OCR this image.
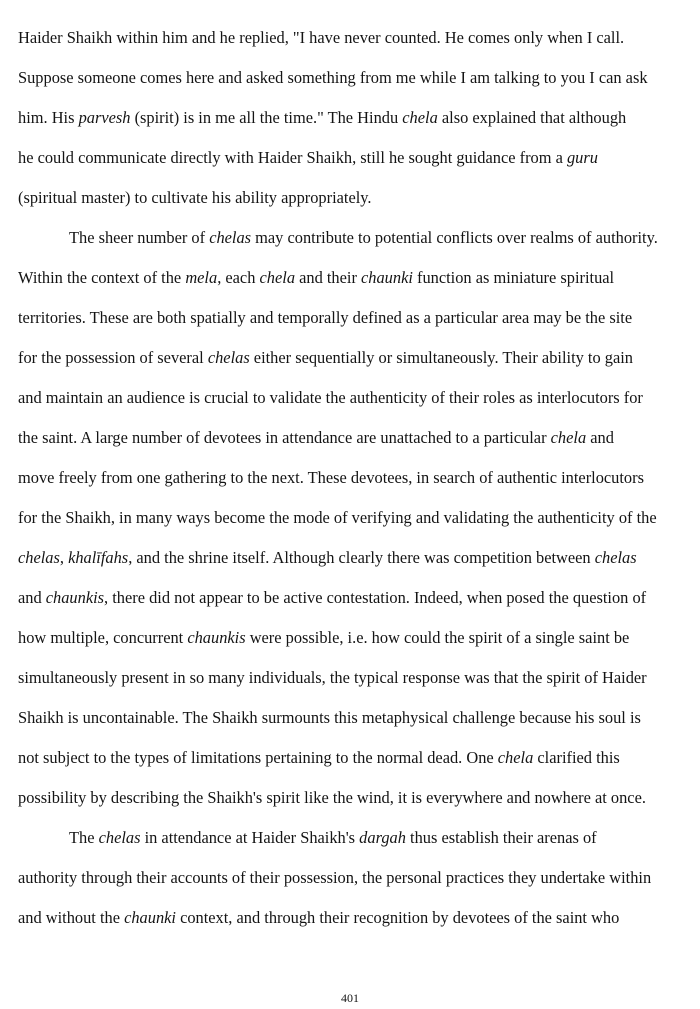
Haider Shaikh within him and he replied, "I have never counted. He comes only when I call.
Suppose someone comes here and asked something from me while I am talking to you I can ask
him. His parvesh (spirit) is in me all the time." The Hindu chela also explained that although
he could communicate directly with Haider Shaikh, still he sought guidance from a guru
(spiritual master) to cultivate his ability appropriately.
The sheer number of chelas may contribute to potential conflicts over realms of authority.
Within the context of the mela, each chela and their chaunki function as miniature spiritual
territories. These are both spatially and temporally defined as a particular area may be the site
for the possession of several chelas either sequentially or simultaneously. Their ability to gain
and maintain an audience is crucial to validate the authenticity of their roles as interlocutors for
the saint. A large number of devotees in attendance are unattached to a particular chela and
move freely from one gathering to the next. These devotees, in search of authentic interlocutors
for the Shaikh, in many ways become the mode of verifying and validating the authenticity of the
chelas, khalīfahs, and the shrine itself. Although clearly there was competition between chelas
and chaunkis, there did not appear to be active contestation. Indeed, when posed the question of
how multiple, concurrent chaunkis were possible, i.e. how could the spirit of a single saint be
simultaneously present in so many individuals, the typical response was that the spirit of Haider
Shaikh is uncontainable. The Shaikh surmounts this metaphysical challenge because his soul is
not subject to the types of limitations pertaining to the normal dead. One chela clarified this
possibility by describing the Shaikh's spirit like the wind, it is everywhere and nowhere at once.
The chelas in attendance at Haider Shaikh's dargah thus establish their arenas of
authority through their accounts of their possession, the personal practices they undertake within
and without the chaunki context, and through their recognition by devotees of the saint who
401
